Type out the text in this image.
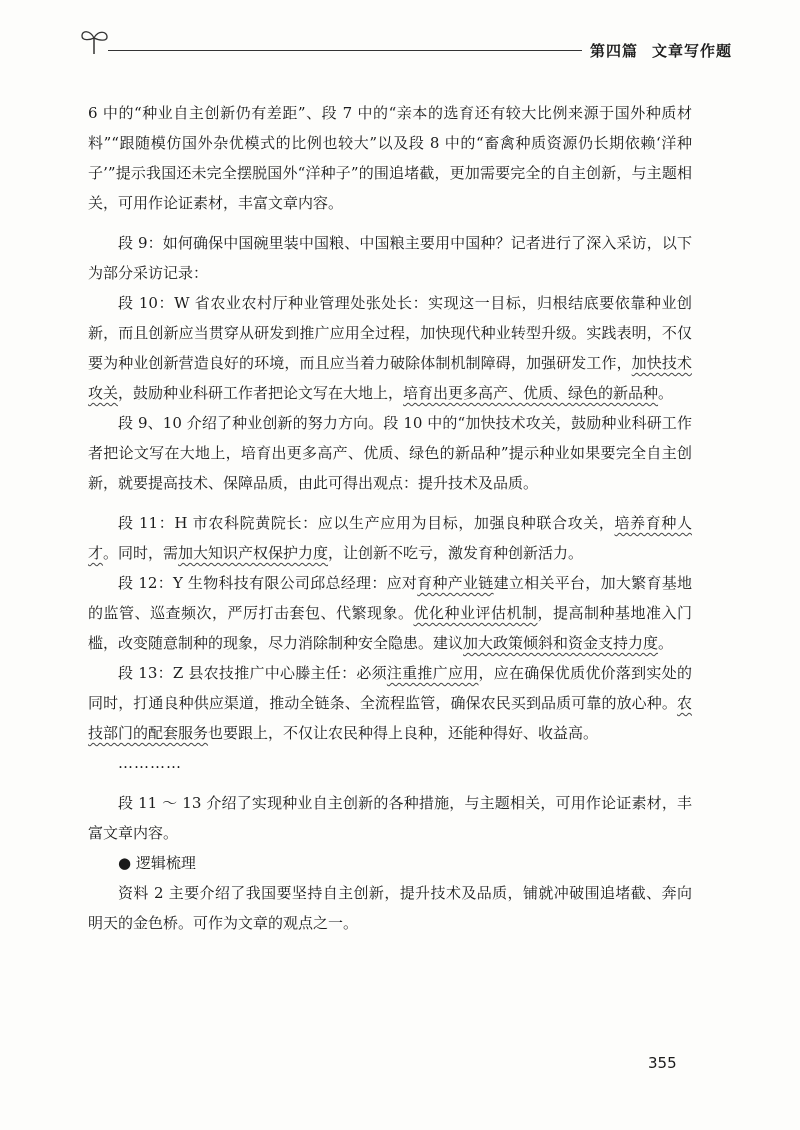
第四篇 文章写作题

6 中的“种业自主创新仍有差距”、段 7 中的“亲本的选育还有较大比例来源于国外种质材料”“跟随模仿国外杂优模式的比例也较大”以及段 8 中的“畜禽种质资源仍长期依赖‘洋种子’”提示我国还未完全摆脱国外“洋种子”的围追堵截，更加需要完全的自主创新，与主题相关，可用作论证素材，丰富文章内容。

段 9：如何确保中国碗里装中国粮、中国粮主要用中国种？记者进行了深入采访，以下为部分采访记录：

段 10：W 省农业农村厅种业管理处张处长：实现这一目标，归根结底要依靠种业创新，而且创新应当贯穿从研发到推广应用全过程，加快现代种业转型升级。实践表明，不仅要为种业创新营造良好的环境，而且应当着力破除体制机制障碍，加强研发工作，加快技术攻关，鼓励种业科研工作者把论文写在大地上，培育出更多高产、优质、绿色的新品种。

段 9、10 介绍了种业创新的努力方向。段 10 中的“加快技术攻关，鼓励种业科研工作者把论文写在大地上，培育出更多高产、优质、绿色的新品种”提示种业如果要完全自主创新，就要提高技术、保障品质，由此可得出观点：提升技术及品质。

段 11：H 市农科院黄院长：应以生产应用为目标，加强良种联合攻关，培养育种人才。同时，需加大知识产权保护力度，让创新不吃亏，激发育种创新活力。

段 12：Y 生物科技有限公司邱总经理：应对育种产业链建立相关平台，加大繁育基地的监管、巡查频次，严厉打击套包、代繁现象。优化种业评估机制，提高制种基地准入门槛，改变随意制种的现象，尽力消除制种安全隐患。建议加大政策倾斜和资金支持力度。

段 13：Z 县农技推广中心滕主任：必须注重推广应用，应在确保优质优价落到实处的同时，打通良种供应渠道，推动全链条、全流程监管，确保农民买到品质可靠的放心种。农技部门的配套服务也要跟上，不仅让农民种得上良种，还能种得好、收益高。

…………

段 11 ～ 13 介绍了实现种业自主创新的各种措施，与主题相关，可用作论证素材，丰富文章内容。

● 逻辑梳理

资料 2 主要介绍了我国要坚持自主创新，提升技术及品质，铺就冲破围追堵截、奔向明天的金色桥。可作为文章的观点之一。

355
